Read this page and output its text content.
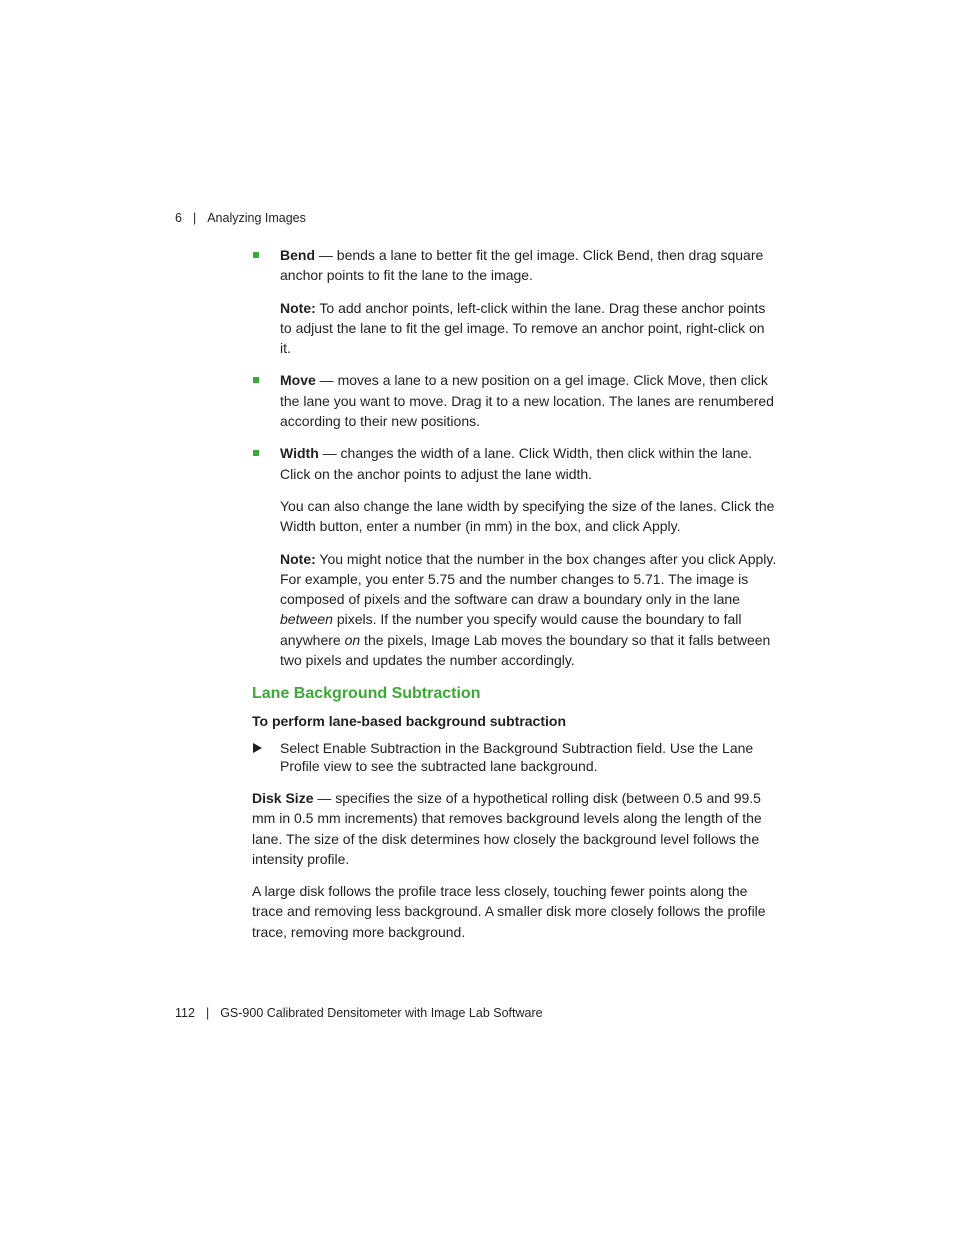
6 | Analyzing Images
Bend — bends a lane to better fit the gel image. Click Bend, then drag square anchor points to fit the lane to the image.
Note: To add anchor points, left-click within the lane. Drag these anchor points to adjust the lane to fit the gel image. To remove an anchor point, right-click on it.
Move — moves a lane to a new position on a gel image. Click Move, then click the lane you want to move. Drag it to a new location. The lanes are renumbered according to their new positions.
Width — changes the width of a lane. Click Width, then click within the lane. Click on the anchor points to adjust the lane width.
You can also change the lane width by specifying the size of the lanes. Click the Width button, enter a number (in mm) in the box, and click Apply.
Note: You might notice that the number in the box changes after you click Apply. For example, you enter 5.75 and the number changes to 5.71. The image is composed of pixels and the software can draw a boundary only in the lane between pixels. If the number you specify would cause the boundary to fall anywhere on the pixels, Image Lab moves the boundary so that it falls between two pixels and updates the number accordingly.
Lane Background Subtraction
To perform lane-based background subtraction
Select Enable Subtraction in the Background Subtraction field. Use the Lane Profile view to see the subtracted lane background.
Disk Size — specifies the size of a hypothetical rolling disk (between 0.5 and 99.5 mm in 0.5 mm increments) that removes background levels along the length of the lane. The size of the disk determines how closely the background level follows the intensity profile.
A large disk follows the profile trace less closely, touching fewer points along the trace and removing less background. A smaller disk more closely follows the profile trace, removing more background.
112 | GS-900 Calibrated Densitometer with Image Lab Software
